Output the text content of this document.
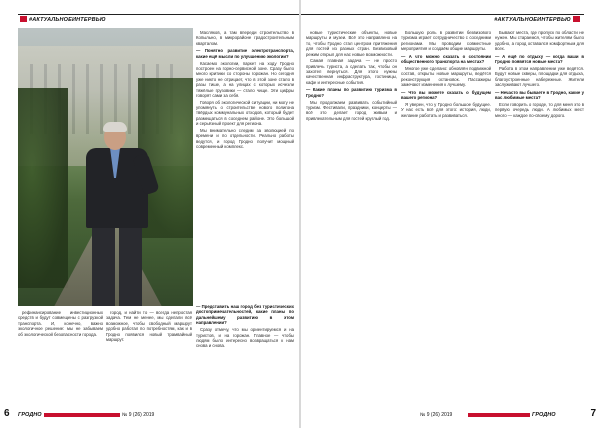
#АКТУАЛЬНОЕИНТЕРВЬЮ	#АКТУАЛЬНОЕИНТЕРВЬЮ

Масляков, а там впереди строительство в Копыльно, в микрорайоне градостроительным кварталом.

— Понятно развитие электротранспорта, какие ещё мысли по улучшению экологии?

Касаемо экологии, паркет на ходу Гродно построен на горно-сервисной зоне. Сразу было много критики со стороны горожан. Но сегодня уже никто не отрицает, что в этой зоне стало в разы тише, а на улицах с которых исчезли тяжёлые грузовики — стало чище. Эти цифры говорят сами за себя.

Говоря об экологической ситуации, ни могу не упомянуть о строительстве нового полигона твёрдых коммунальных отходов, который будет размещаться в соседнем районе. Это большой и серьёзный проект для региона.

Мы внимательно следим за эволюцией по времени и по отдельности. Реально работы ведутся, и город Гродно получит мощный современный комплекс.

рефинансирование инвестиционных средств и будут совмещены с разгрузкой транспорта. И, конечно, важно экологичное решение: мы не забываем об экологической безопасности города.

город, и найти то — всегда непростая задача. Тем не менее, мы сделали всё возможное, чтобы свободный маршрут удобно работал по потребностям, как и в Гродно появился новый трамвайный маршрут.

— Представить наш город без туристических достопримечательностей, какие планы по дальнейшему развитию в этом направлении?

Сразу отмечу, что мы ориентируемся и на туристов, и на горожан. Главное — чтобы людям было интересно возвращаться к нам снова и снова.

новые туристические объекты, новые маршруты и музеи. Всё это направлено на то, чтобы Гродно стал центром притяжения для гостей из разных стран. Безвизовый режим открыл для нас новые возможности.

Самая главная задача — не просто привлечь туриста, а сделать так, чтобы он захотел вернуться. Для этого нужны качественная инфраструктура, гостиницы, кафе и интересные события.

— Какие планы по развитию туризма в Гродно?

Мы продолжаем развивать событийный туризм. Фестивали, праздники, концерты — всё это делает город живым и привлекательным для гостей круглый год.

Большую роль в развитии безвизового туризма играет сотрудничество с соседними регионами. Мы проводим совместные мероприятия и создаём общие маршруты.

— А что можно сказать о состоянии общественного транспорта на местах?

Многое уже сделано: обновлён подвижной состав, открыты новые маршруты, ведётся реконструкция остановок. Пассажиры замечают изменения к лучшему.

— Что вы можете сказать о будущем вашего региона?

Я уверен, что у Гродно большое будущее. У нас есть всё для этого: история, люди, желание работать и развиваться.

Бывают места, где пропуск по области не нужен. Мы стараемся, чтобы жителям было удобно, а город оставался комфортным для всех.

— А ещё по отдыху — когда ваши в Гродно появятся новые места?

Работа в этом направлении уже ведётся. Будут новые скверы, площадки для отдыха, благоустроенные набережные. Жители заслуживают лучшего.

— Нечасто вы бываете в Гродно, какие у вас любимые места?

Если говорить о городе, то для меня это в первую очередь люди. А любимых мест много — каждое по-своему дорого.

6 ГРОДНО	№ 9 (26) 2019	№ 9 (26) 2019	ГРОДНО	7
